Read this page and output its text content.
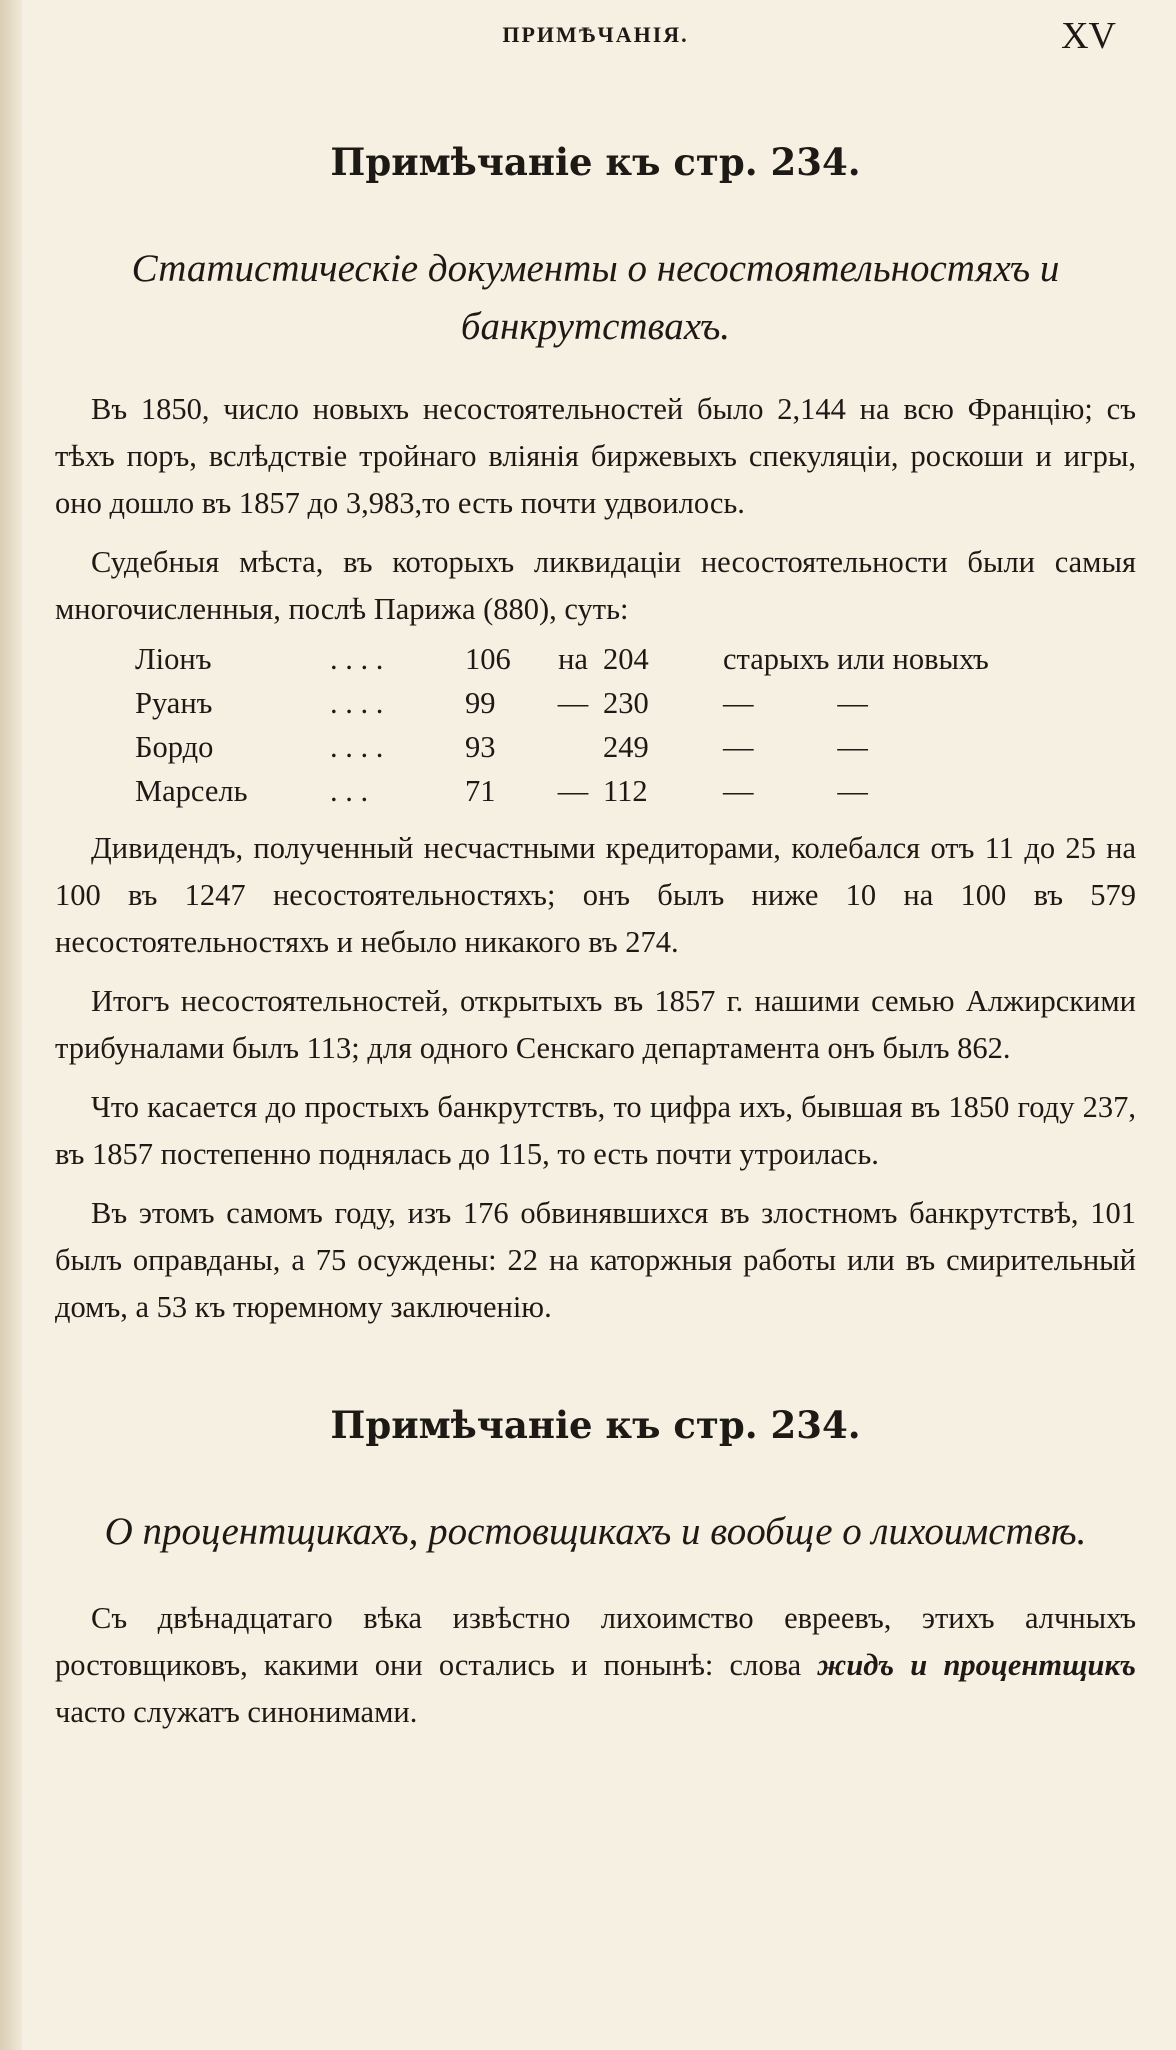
ПРИМѢЧАНІЯ.	XV
Примѣчаніе къ стр. 234.
Статистическіе документы о несостоятельностяхъ и банкрутствахъ.

Въ 1850, число новыхъ несостоятельностей было 2,144 на всю Францію; съ тѣхъ поръ, вслѣдствіе тройнаго вліянія биржевыхъ спекуляціи, роскоши и игры, оно дошло въ 1857 до 3,983,то есть почти удвоилось.

Судебныя мѣста, въ которыхъ ликвидаціи несостоятельности были самыя многочисленныя, послѣ Парижа (880), суть:

Ліонъ	. . . .	106	на 204	старыхъ или новыхъ
Руанъ	. . . .	99	— 230	—           —
Бордо	. . . .	93	249	—           —
Марсель	. . .	71	— 112	—           —

Дивидендъ, полученный несчастными кредиторами, колебался отъ 11 до 25 на 100 въ 1247 несостоятельностяхъ; онъ былъ ниже 10 на 100 въ 579 несостоятельностяхъ и небыло никакого въ 274.

Итогъ несостоятельностей, открытыхъ въ 1857 г. нашими семью Алжирскими трибуналами былъ 113; для одного Сенскаго департамента онъ былъ 862.

Что касается до простыхъ банкрутствъ, то цифра ихъ, бывшая въ 1850 году 237, въ 1857 постепенно поднялась до 115, то есть почти утроилась.

Въ этомъ самомъ году, изъ 176 обвинявшихся въ злостномъ банкрутствѣ, 101 былъ оправданы, а 75 осуждены: 22 на каторжныя работы или въ смирительный домъ, а 53 къ тюремному заключенію.

Примѣчаніе къ стр. 234.
О процентщикахъ, ростовщикахъ и вообще о лихоимствѣ.

Съ двѣнадцатаго вѣка извѣстно лихоимство евреевъ, этихъ алчныхъ ростовщиковъ, какими они остались и понынѣ: слова жидъ и процентщикъ часто служатъ синонимами.
